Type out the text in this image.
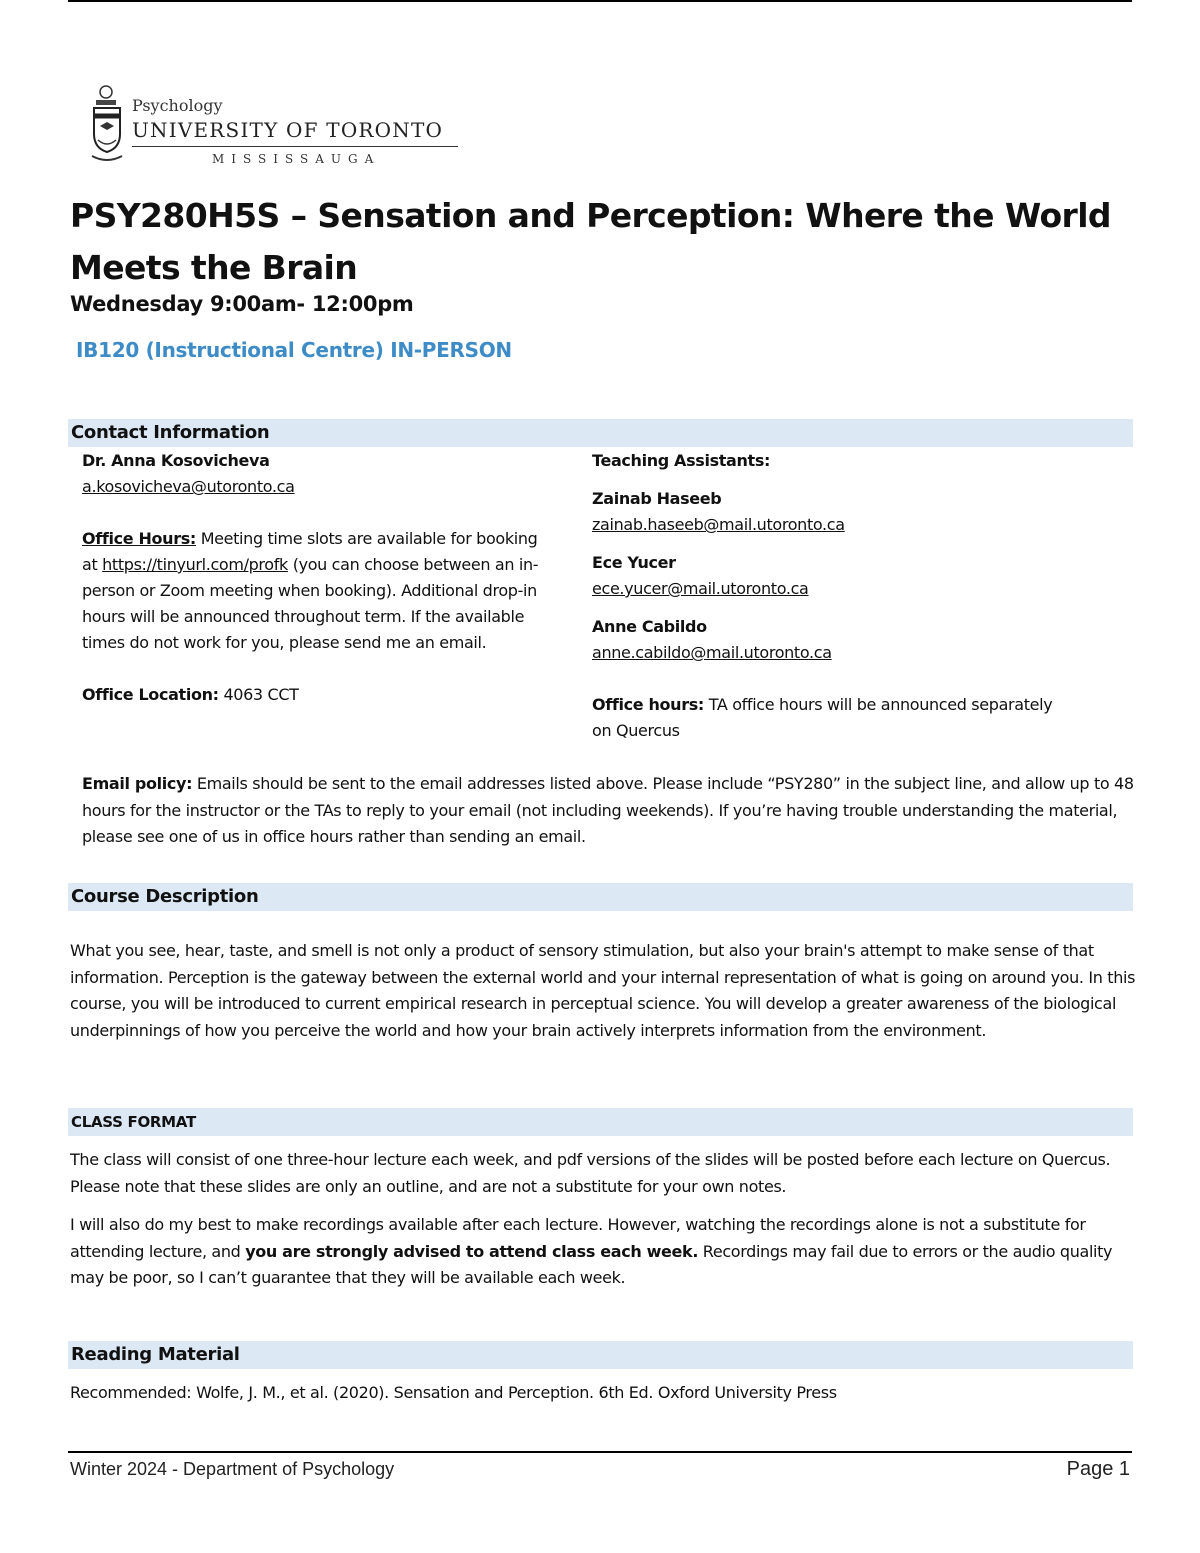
Psychology
UNIVERSITY OF TORONTO
MISSISSAUGA
PSY280H5S – Sensation and Perception: Where the World Meets the Brain
Wednesday 9:00am- 12:00pm
IB120 (Instructional Centre) IN-PERSON
Contact Information
Dr. Anna Kosovicheva
a.kosovicheva@utoronto.ca
Office Hours: Meeting time slots are available for booking at https://tinyurl.com/profk (you can choose between an in-person or Zoom meeting when booking). Additional drop-in hours will be announced throughout term. If the available times do not work for you, please send me an email.
Office Location: 4063 CCT
Teaching Assistants:
Zainab Haseeb
zainab.haseeb@mail.utoronto.ca
Ece Yucer
ece.yucer@mail.utoronto.ca
Anne Cabildo
anne.cabildo@mail.utoronto.ca
Office hours: TA office hours will be announced separately on Quercus
Email policy: Emails should be sent to the email addresses listed above. Please include “PSY280” in the subject line, and allow up to 48 hours for the instructor or the TAs to reply to your email (not including weekends). If you’re having trouble understanding the material, please see one of us in office hours rather than sending an email.
Course Description
What you see, hear, taste, and smell is not only a product of sensory stimulation, but also your brain's attempt to make sense of that information. Perception is the gateway between the external world and your internal representation of what is going on around you. In this course, you will be introduced to current empirical research in perceptual science. You will develop a greater awareness of the biological underpinnings of how you perceive the world and how your brain actively interprets information from the environment.
CLASS FORMAT
The class will consist of one three-hour lecture each week, and pdf versions of the slides will be posted before each lecture on Quercus. Please note that these slides are only an outline, and are not a substitute for your own notes.
I will also do my best to make recordings available after each lecture. However, watching the recordings alone is not a substitute for attending lecture, and you are strongly advised to attend class each week. Recordings may fail due to errors or the audio quality may be poor, so I can’t guarantee that they will be available each week.
Reading Material
Recommended: Wolfe, J. M., et al. (2020). Sensation and Perception. 6th Ed. Oxford University Press
Winter 2024 - Department of Psychology	Page 1
